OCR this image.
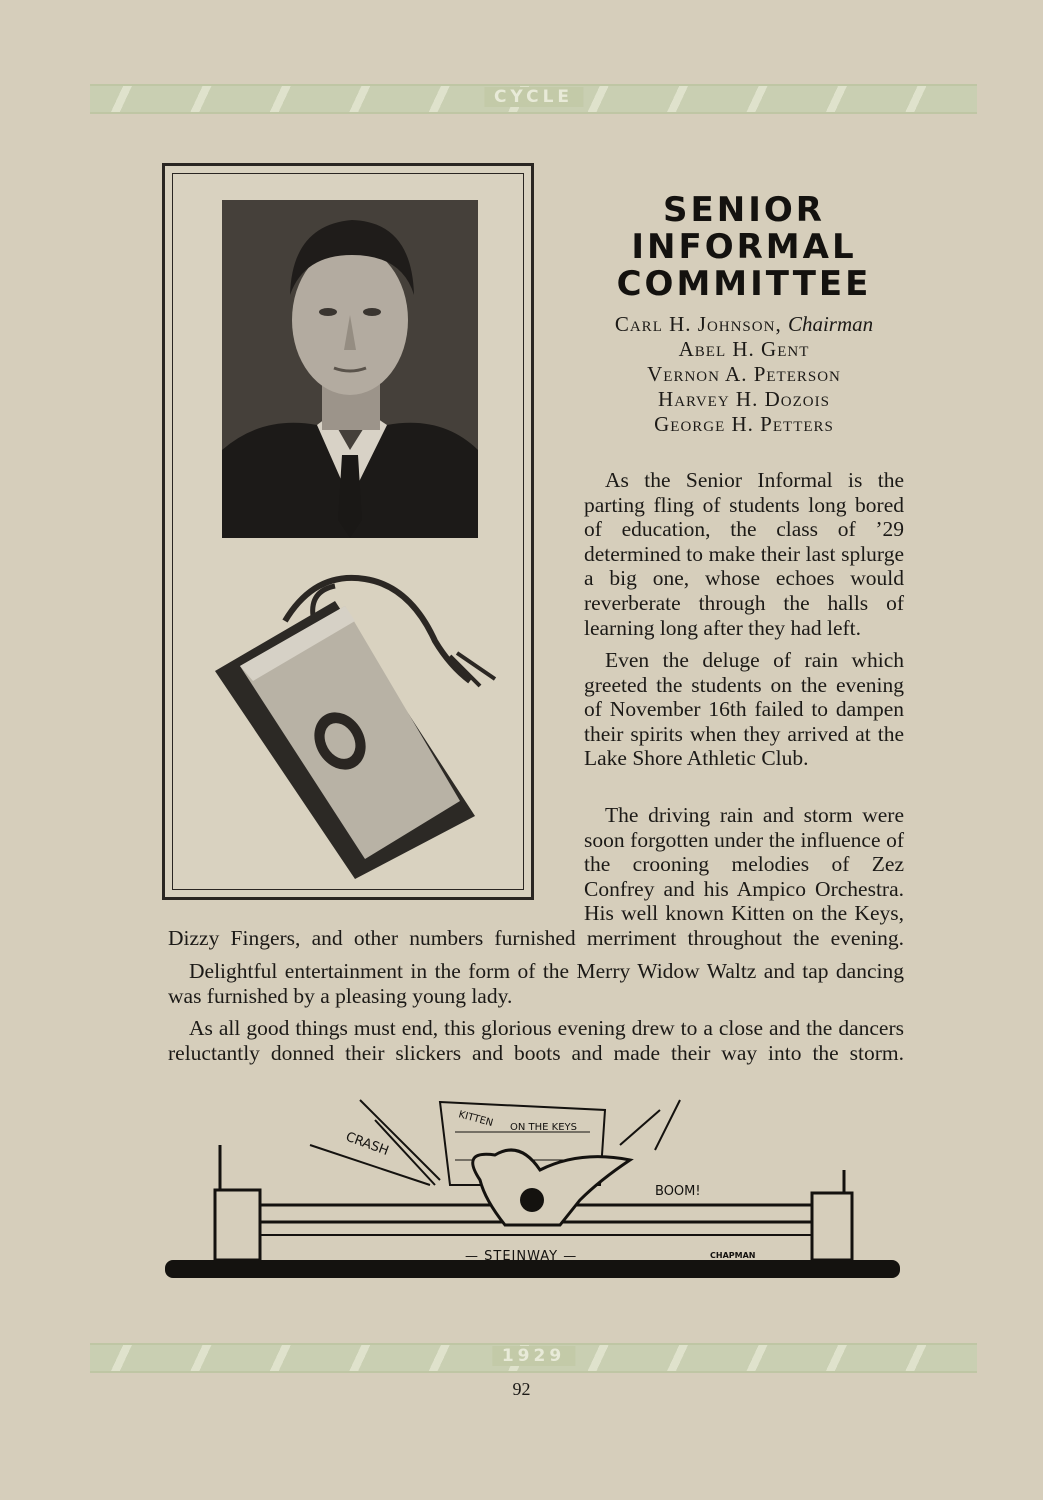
CYCLE
SENIOR
INFORMAL
COMMITTEE
Carl H. Johnson, Chairman
Abel H. Gent
Vernon A. Peterson
Harvey H. Dozois
George H. Petters
As the Senior Informal is the parting fling of students long bored of education, the class of ’29 determined to make their last splurge a big one, whose echoes would reverberate through the halls of learning long after they had left.
Even the deluge of rain which greeted the students on the evening of November 16th failed to dampen their spirits when they arrived at the Lake Shore Athletic Club.
The driving rain and storm were soon forgotten under the influence of the crooning melodies of Zez Confrey and his Ampico Orchestra. His well known Kitten on the Keys,
Dizzy Fingers, and other numbers furnished merriment throughout the evening.
Delightful entertainment in the form of the Merry Widow Waltz and tap dancing was furnished by a pleasing young lady.
As all good things must end, this glorious evening drew to a close and the dancers reluctantly donned their slickers and boots and made their way into the storm.
CRASH
KITTEN ON THE KEYS
BOOM!
— STEINWAY —	CHAPMAN
1929
92
